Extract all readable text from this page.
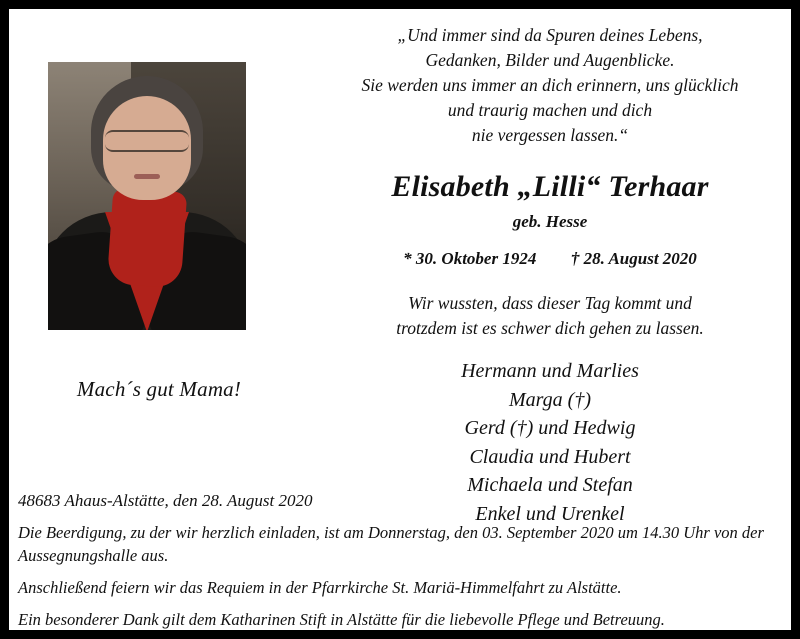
Mach´s gut Mama!
„Und immer sind da Spuren deines Lebens,
Gedanken, Bilder und Augenblicke.
Sie werden uns immer an dich erinnern, uns glücklich
und traurig machen und dich
nie vergessen lassen.“
Elisabeth „Lilli“ Terhaar
geb. Hesse
* 30. Oktober 1924 † 28. August 2020
Wir wussten, dass dieser Tag kommt und
trotzdem ist es schwer dich gehen zu lassen.
Hermann und Marlies
Marga (†)
Gerd (†) und Hedwig
Claudia und Hubert
Michaela und Stefan
Enkel und Urenkel
48683 Ahaus-Alstätte, den 28. August 2020
Die Beerdigung, zu der wir herzlich einladen, ist am Donnerstag, den 03. September 2020 um 14.30 Uhr von der Aussegnungshalle aus.
Anschließend feiern wir das Requiem in der Pfarrkirche St. Mariä-Himmelfahrt zu Alstätte.
Ein besonderer Dank gilt dem Katharinen Stift in Alstätte für die liebevolle Pflege und Betreuung.
